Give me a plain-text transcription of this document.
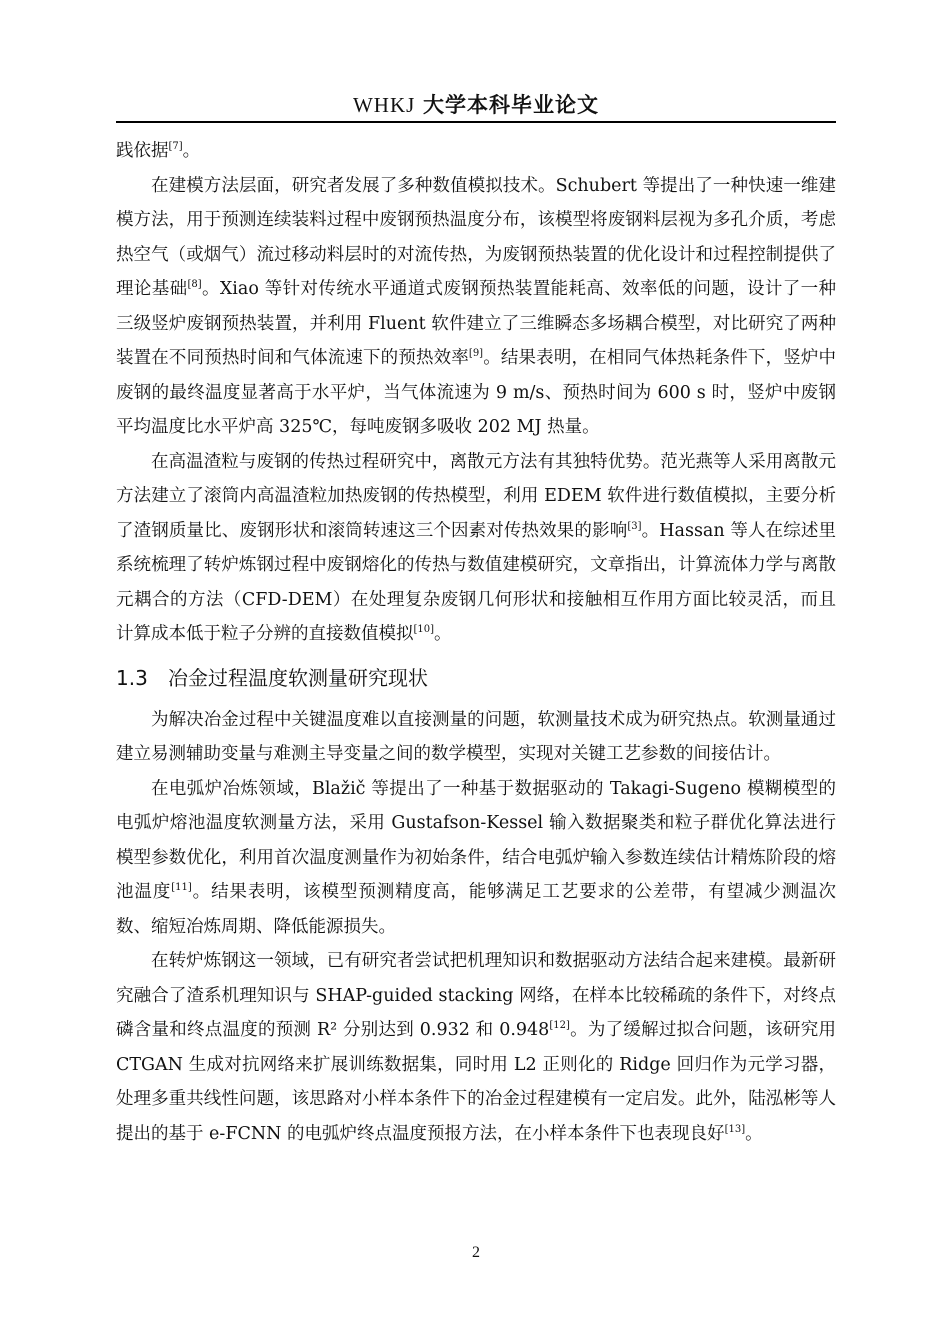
WHKJ 大学本科毕业论文

践依据[7]。

在建模方法层面，研究者发展了多种数值模拟技术。Schubert 等提出了一种快速一维建模方法，用于预测连续装料过程中废钢预热温度分布，该模型将废钢料层视为多孔介质，考虑热空气（或烟气）流过移动料层时的对流传热，为废钢预热装置的优化设计和过程控制提供了理论基础[8]。Xiao 等针对传统水平通道式废钢预热装置能耗高、效率低的问题，设计了一种三级竖炉废钢预热装置，并利用 Fluent 软件建立了三维瞬态多场耦合模型，对比研究了两种装置在不同预热时间和气体流速下的预热效率[9]。结果表明，在相同气体热耗条件下，竖炉中废钢的最终温度显著高于水平炉，当气体流速为 9 m/s、预热时间为 600 s 时，竖炉中废钢平均温度比水平炉高 325℃，每吨废钢多吸收 202 MJ 热量。

在高温渣粒与废钢的传热过程研究中，离散元方法有其独特优势。范光燕等人采用离散元方法建立了滚筒内高温渣粒加热废钢的传热模型，利用 EDEM 软件进行数值模拟，主要分析了渣钢质量比、废钢形状和滚筒转速这三个因素对传热效果的影响[3]。Hassan 等人在综述里系统梳理了转炉炼钢过程中废钢熔化的传热与数值建模研究，文章指出，计算流体力学与离散元耦合的方法（CFD-DEM）在处理复杂废钢几何形状和接触相互作用方面比较灵活，而且计算成本低于粒子分辨的直接数值模拟[10]。

1.3 冶金过程温度软测量研究现状

为解决冶金过程中关键温度难以直接测量的问题，软测量技术成为研究热点。软测量通过建立易测辅助变量与难测主导变量之间的数学模型，实现对关键工艺参数的间接估计。

在电弧炉冶炼领域，Blažič 等提出了一种基于数据驱动的 Takagi-Sugeno 模糊模型的电弧炉熔池温度软测量方法，采用 Gustafson-Kessel 输入数据聚类和粒子群优化算法进行模型参数优化，利用首次温度测量作为初始条件，结合电弧炉输入参数连续估计精炼阶段的熔池温度[11]。结果表明，该模型预测精度高，能够满足工艺要求的公差带，有望减少测温次数、缩短冶炼周期、降低能源损失。

在转炉炼钢这一领域，已有研究者尝试把机理知识和数据驱动方法结合起来建模。最新研究融合了渣系机理知识与 SHAP-guided stacking 网络，在样本比较稀疏的条件下，对终点磷含量和终点温度的预测 R² 分别达到 0.932 和 0.948[12]。为了缓解过拟合问题，该研究用 CTGAN 生成对抗网络来扩展训练数据集，同时用 L2 正则化的 Ridge 回归作为元学习器，处理多重共线性问题，该思路对小样本条件下的冶金过程建模有一定启发。此外，陆泓彬等人提出的基于 e-FCNN 的电弧炉终点温度预报方法，在小样本条件下也表现良好[13]。

2
